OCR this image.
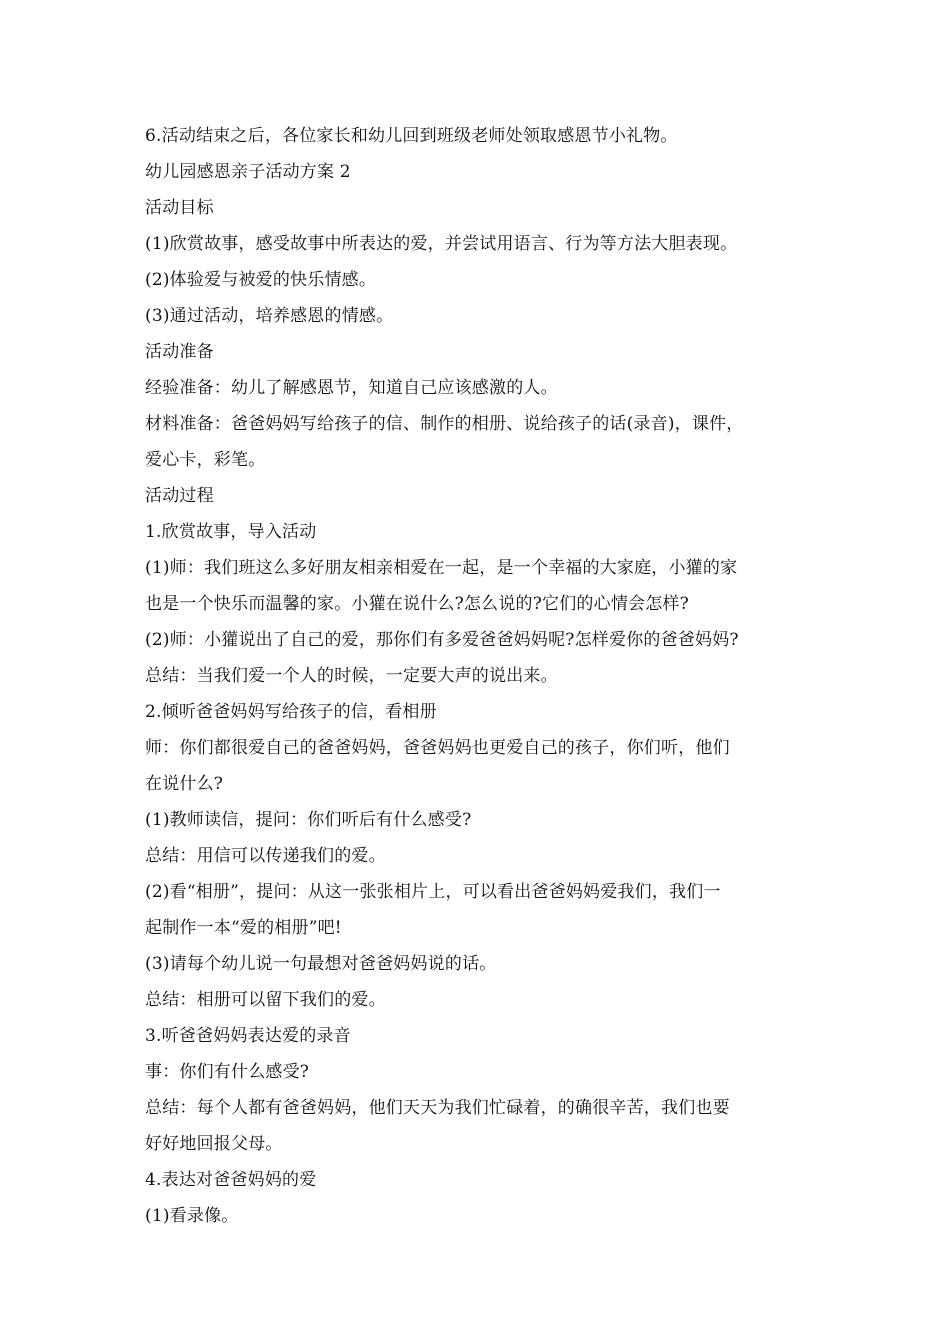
6.活动结束之后，各位家长和幼儿回到班级老师处领取感恩节小礼物。
幼儿园感恩亲子活动方案 2
活动目标
(1)欣赏故事，感受故事中所表达的爱，并尝试用语言、行为等方法大胆表现。
(2)体验爱与被爱的快乐情感。
(3)通过活动，培养感恩的情感。
活动准备
经验准备：幼儿了解感恩节，知道自己应该感激的人。
材料准备：爸爸妈妈写给孩子的信、制作的相册、说给孩子的话(录音)，课件，
爱心卡，彩笔。
活动过程
1.欣赏故事，导入活动
(1)师：我们班这么多好朋友相亲相爱在一起，是一个幸福的大家庭，小獾的家
也是一个快乐而温馨的家。小獾在说什么?怎么说的?它们的心情会怎样?
(2)师：小獾说出了自己的爱，那你们有多爱爸爸妈妈呢?怎样爱你的爸爸妈妈?
总结：当我们爱一个人的时候，一定要大声的说出来。
2.倾听爸爸妈妈写给孩子的信，看相册
师：你们都很爱自己的爸爸妈妈，爸爸妈妈也更爱自己的孩子，你们听，他们
在说什么?
(1)教师读信，提问：你们听后有什么感受?
总结：用信可以传递我们的爱。
(2)看“相册”，提问：从这一张张相片上，可以看出爸爸妈妈爱我们，我们一
起制作一本“爱的相册”吧!
(3)请每个幼儿说一句最想对爸爸妈妈说的话。
总结：相册可以留下我们的爱。
3.听爸爸妈妈表达爱的录音
事：你们有什么感受?
总结：每个人都有爸爸妈妈，他们天天为我们忙碌着，的确很辛苦，我们也要
好好地回报父母。
4.表达对爸爸妈妈的爱
(1)看录像。
